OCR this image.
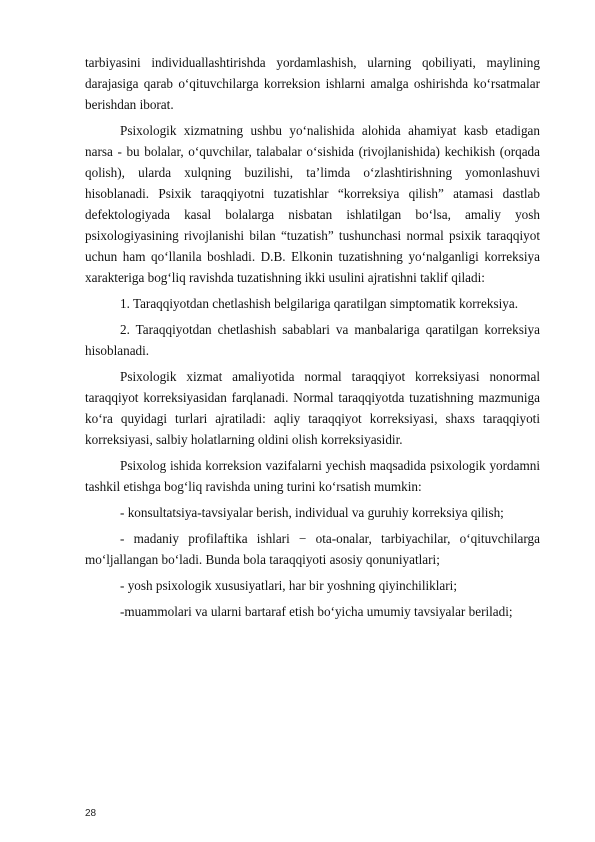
tarbiyasini individuallashtirishda yordamlashish, ularning qobiliyati, maylining darajasiga qarab o‘qituvchilarga korreksion ishlarni amalga oshirishda ko‘rsatmalar berishdan iborat.

Psixologik xizmatning ushbu yo‘nalishida alohida ahamiyat kasb etadigan narsa - bu bolalar, o‘quvchilar, talabalar o‘sishida (rivojlanishida) kechikish (orqada qolish), ularda xulqning buzilishi, ta’limda o‘zlashtirishning yomonlashuvi hisoblanadi. Psixik taraqqiyotni tuzatishlar “korreksiya qilish” atamasi dastlab defektologiyada kasal bolalarga nisbatan ishlatilgan bo‘lsa, amaliy yosh psixologiyasining rivojlanishi bilan “tuzatish” tushunchasi normal psixik taraqqiyot uchun ham qo‘llanila boshladi. D.B. Elkonin tuzatishning yo‘nalganligi korreksiya xarakteriga bog‘liq ravishda tuzatishning ikki usulini ajratishni taklif qiladi:

1. Taraqqiyotdan chetlashish belgilariga qaratilgan simptomatik korreksiya.

2. Taraqqiyotdan chetlashish sabablari va manbalariga qaratilgan korreksiya hisoblanadi.

Psixologik xizmat amaliyotida normal taraqqiyot korreksiyasi nonormal taraqqiyot korreksiyasidan farqlanadi. Normal taraqqiyotda tuzatishning mazmuniga ko‘ra quyidagi turlari ajratiladi: aqliy taraqqiyot korreksiyasi, shaxs taraqqiyoti korreksiyasi, salbiy holatlarning oldini olish korreksiyasidir.

Psixolog ishida korreksion vazifalarni yechish maqsadida psixologik yordamni tashkil etishga bog‘liq ravishda uning turini ko‘rsatish mumkin:

- konsultatsiya-tavsiyalar berish, individual va guruhiy korreksiya qilish;

- madaniy profilaftika ishlari − ota-onalar, tarbiyachilar, o‘qituvchilarga mo‘ljallangan bo‘ladi. Bunda bola taraqqiyoti asosiy qonuniyatlari;

- yosh psixologik xususiyatlari, har bir yoshning qiyinchiliklari;

-muammolari va ularni bartaraf etish bo‘yicha umumiy tavsiyalar beriladi;

28
